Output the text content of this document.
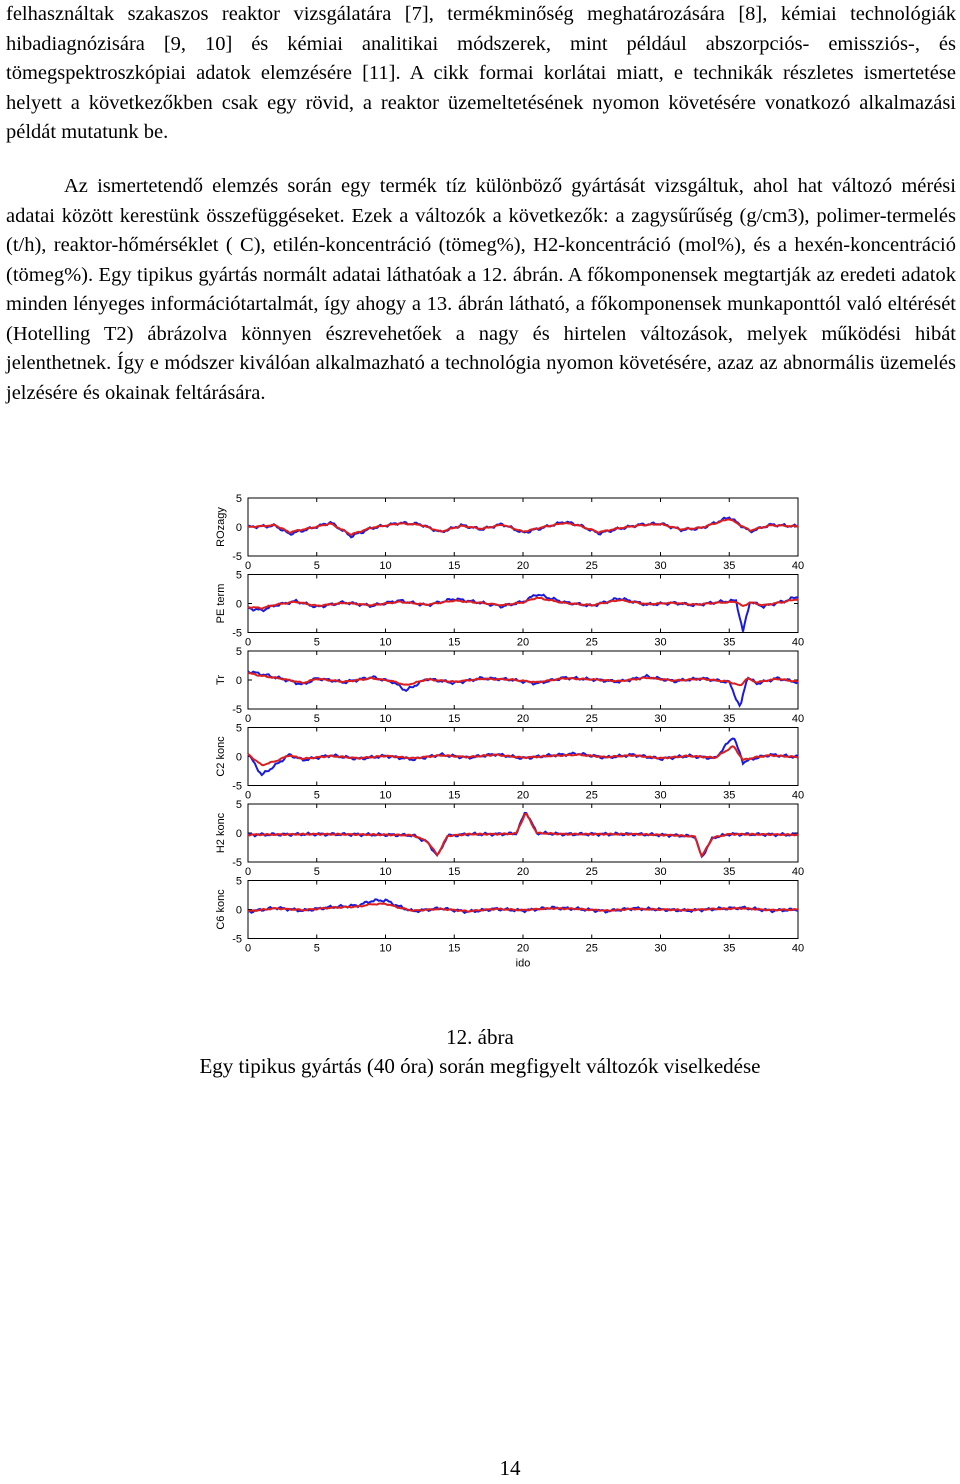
felhasználtak szakaszos reaktor vizsgálatára [7], termékminőség meghatározására [8], kémiai technológiák hibadiagnózisára [9, 10] és kémiai analitikai módszerek, mint például abszorpciós- emissziós-, és tömegspektroszkópiai adatok elemzésére [11]. A cikk formai korlátai miatt, e technikák részletes ismertetése helyett a következőkben csak egy rövid, a reaktor üzemeltetésének nyomon követésére vonatkozó alkalmazási példát mutatunk be.

Az ismertetendő elemzés során egy termék tíz különböző gyártását vizsgáltuk, ahol hat változó mérési adatai között kerestünk összefüggéseket. Ezek a változók a következők: a zagysűrűség (g/cm3), polimer-termelés (t/h), reaktor-hőmérséklet ( C), etilén-koncentráció (tömeg%), H2-koncentráció (mol%), és a hexén-koncentráció (tömeg%). Egy tipikus gyártás normált adatai láthatóak a 12. ábrán. A főkomponensek megtartják az eredeti adatok minden lényeges információtartalmát, így ahogy a 13. ábrán látható, a főkomponensek munkaponttól való eltérését (Hotelling T2) ábrázolva könnyen észrevehetőek a nagy és hirtelen változások, melyek működési hibát jelenthetnek. Így e módszer kiválóan alkalmazható a technológia nyomon követésére, azaz az abnormális üzemelés jelzésére és okainak feltárására.

0	5	10	15	20	25	30	35	40
5
0
-5
ROzagy
0	5	10	15	20	25	30	35	40
5
0
-5
PE term
0	5	10	15	20	25	30	35	40
5
0
-5
Tr
0	5	10	15	20	25	30	35	40
5
0
-5
C2 konc
0	5	10	15	20	25	30	35	40
5
0
-5
H2 konc
0	5	10	15	20	25	30	35	40
5
0
-5
C6 konc
ido
12. ábra
Egy tipikus gyártás (40 óra) során megfigyelt változók viselkedése
14
